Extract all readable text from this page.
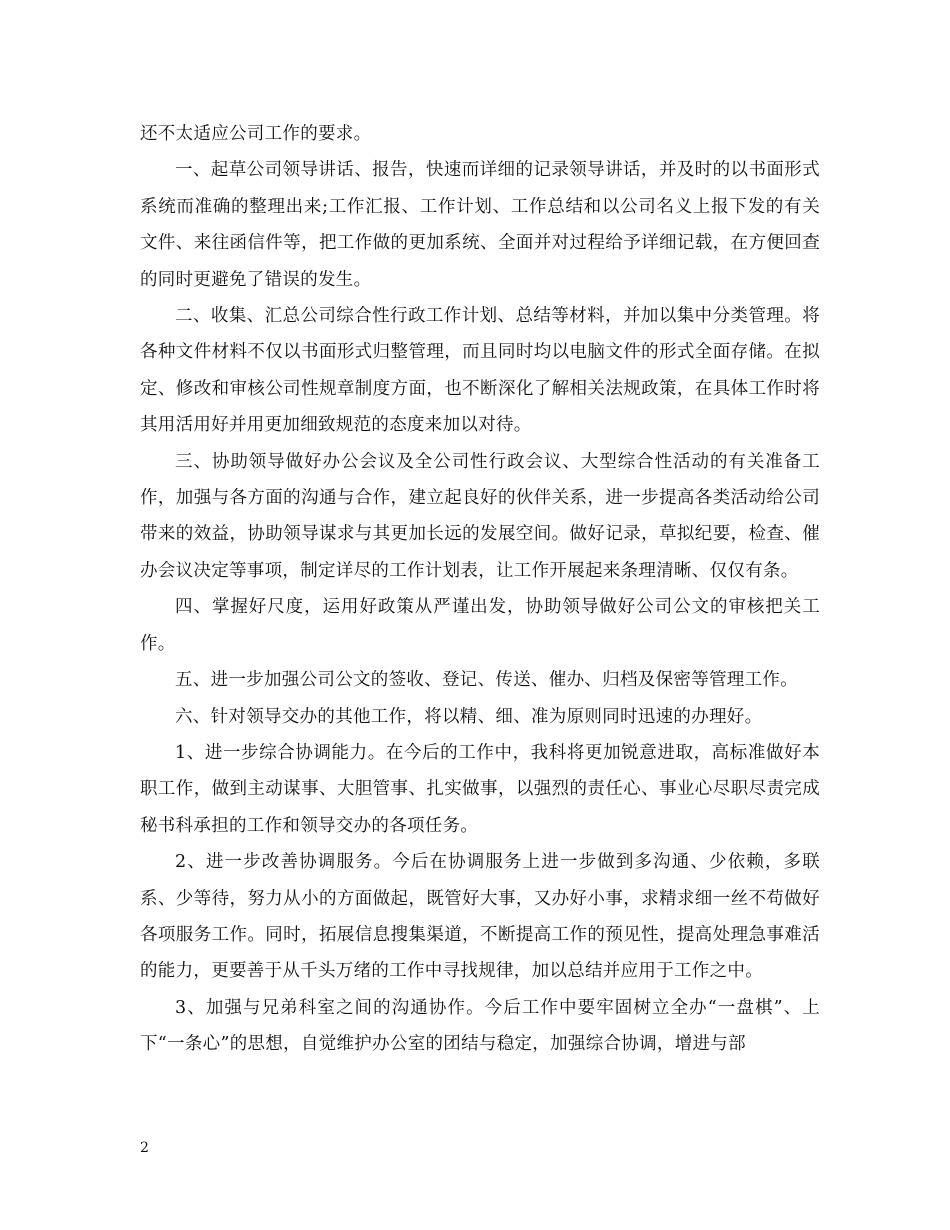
还不太适应公司工作的要求。

一、起草公司领导讲话、报告，快速而详细的记录领导讲话，并及时的以书面形式系统而准确的整理出来;工作汇报、工作计划、工作总结和以公司名义上报下发的有关文件、来往函信件等，把工作做的更加系统、全面并对过程给予详细记载，在方便回查的同时更避免了错误的发生。

二、收集、汇总公司综合性行政工作计划、总结等材料，并加以集中分类管理。将各种文件材料不仅以书面形式归整管理，而且同时均以电脑文件的形式全面存储。在拟定、修改和审核公司性规章制度方面，也不断深化了解相关法规政策，在具体工作时将其用活用好并用更加细致规范的态度来加以对待。

三、协助领导做好办公会议及全公司性行政会议、大型综合性活动的有关准备工作，加强与各方面的沟通与合作，建立起良好的伙伴关系，进一步提高各类活动给公司带来的效益，协助领导谋求与其更加长远的发展空间。做好记录，草拟纪要，检查、催办会议决定等事项，制定详尽的工作计划表，让工作开展起来条理清晰、仅仅有条。

四、掌握好尺度，运用好政策从严谨出发，协助领导做好公司公文的审核把关工作。

五、进一步加强公司公文的签收、登记、传送、催办、归档及保密等管理工作。

六、针对领导交办的其他工作，将以精、细、准为原则同时迅速的办理好。

1、进一步综合协调能力。在今后的工作中，我科将更加锐意进取，高标准做好本职工作，做到主动谋事、大胆管事、扎实做事，以强烈的责任心、事业心尽职尽责完成秘书科承担的工作和领导交办的各项任务。

2、进一步改善协调服务。今后在协调服务上进一步做到多沟通、少依赖，多联系、少等待，努力从小的方面做起，既管好大事，又办好小事，求精求细一丝不苟做好各项服务工作。同时，拓展信息搜集渠道，不断提高工作的预见性，提高处理急事难活的能力，更要善于从千头万绪的工作中寻找规律，加以总结并应用于工作之中。

3、加强与兄弟科室之间的沟通协作。今后工作中要牢固树立全办“一盘棋”、上下“一条心”的思想，自觉维护办公室的团结与稳定，加强综合协调，增进与部

2
